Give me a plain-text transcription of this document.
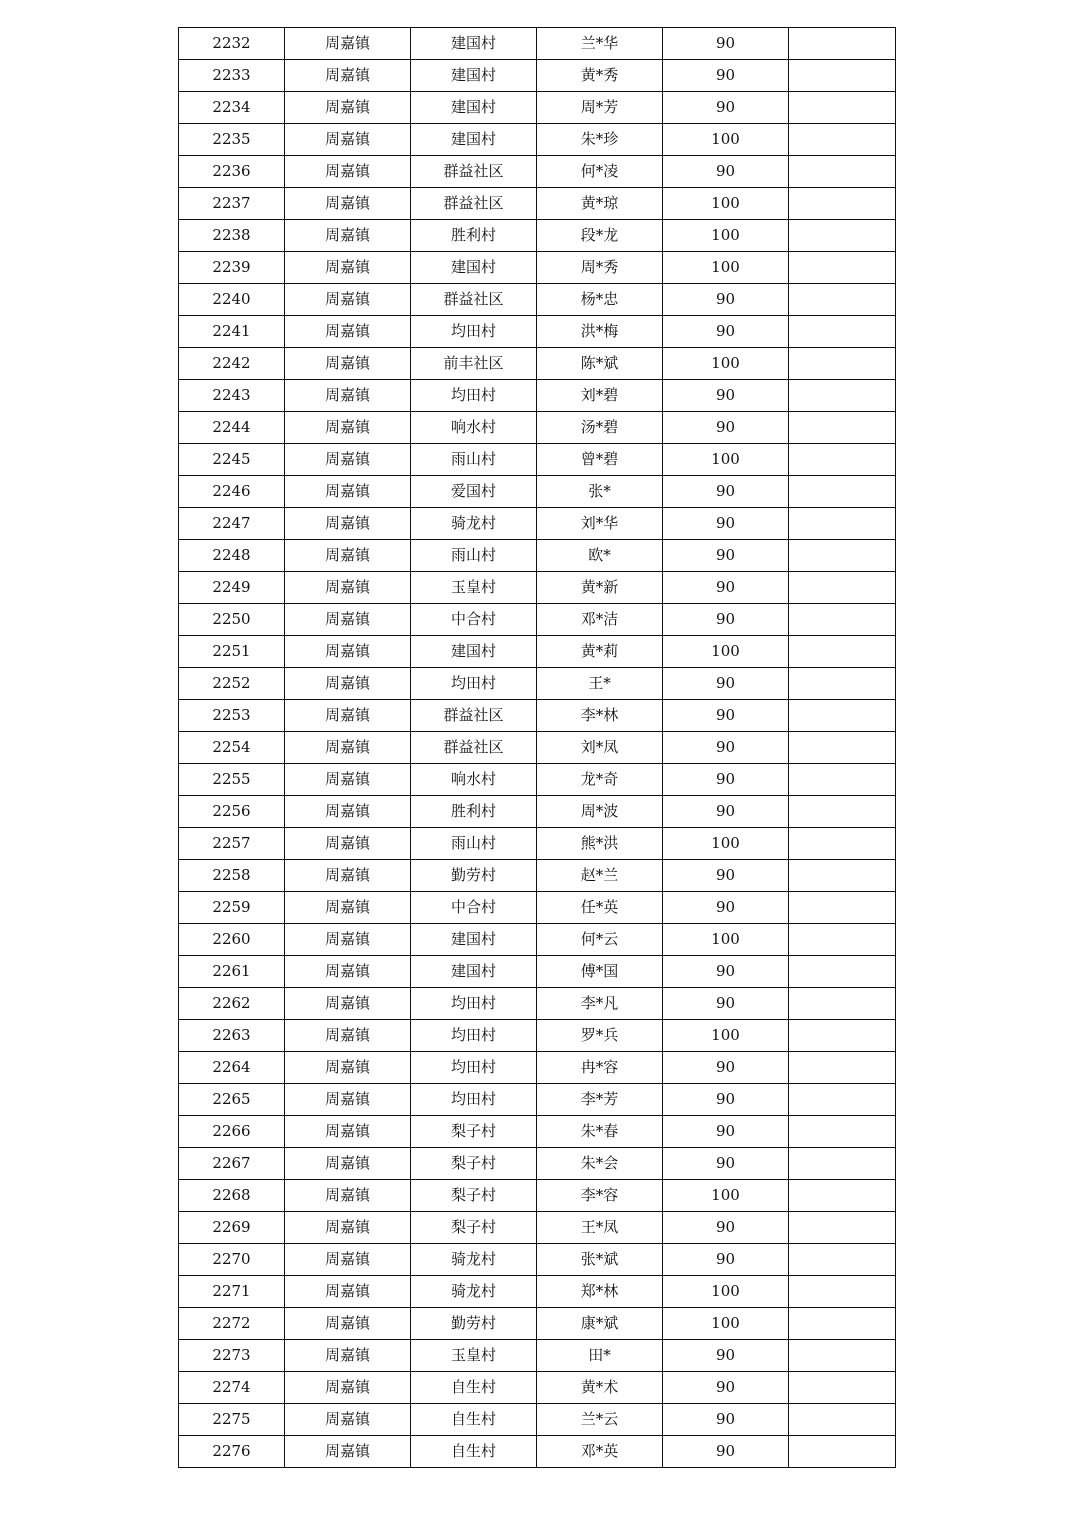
2232	周嘉镇	建国村	兰*华	90	
2233	周嘉镇	建国村	黄*秀	90	
2234	周嘉镇	建国村	周*芳	90	
2235	周嘉镇	建国村	朱*珍	100	
2236	周嘉镇	群益社区	何*凌	90	
2237	周嘉镇	群益社区	黄*琼	100	
2238	周嘉镇	胜利村	段*龙	100	
2239	周嘉镇	建国村	周*秀	100	
2240	周嘉镇	群益社区	杨*忠	90	
2241	周嘉镇	均田村	洪*梅	90	
2242	周嘉镇	前丰社区	陈*斌	100	
2243	周嘉镇	均田村	刘*碧	90	
2244	周嘉镇	响水村	汤*碧	90	
2245	周嘉镇	雨山村	曾*碧	100	
2246	周嘉镇	爱国村	张*	90	
2247	周嘉镇	骑龙村	刘*华	90	
2248	周嘉镇	雨山村	欧*	90	
2249	周嘉镇	玉皇村	黄*新	90	
2250	周嘉镇	中合村	邓*洁	90	
2251	周嘉镇	建国村	黄*莉	100	
2252	周嘉镇	均田村	王*	90	
2253	周嘉镇	群益社区	李*林	90	
2254	周嘉镇	群益社区	刘*凤	90	
2255	周嘉镇	响水村	龙*奇	90	
2256	周嘉镇	胜利村	周*波	90	
2257	周嘉镇	雨山村	熊*洪	100	
2258	周嘉镇	勤劳村	赵*兰	90	
2259	周嘉镇	中合村	任*英	90	
2260	周嘉镇	建国村	何*云	100	
2261	周嘉镇	建国村	傅*国	90	
2262	周嘉镇	均田村	李*凡	90	
2263	周嘉镇	均田村	罗*兵	100	
2264	周嘉镇	均田村	冉*容	90	
2265	周嘉镇	均田村	李*芳	90	
2266	周嘉镇	梨子村	朱*春	90	
2267	周嘉镇	梨子村	朱*会	90	
2268	周嘉镇	梨子村	李*容	100	
2269	周嘉镇	梨子村	王*凤	90	
2270	周嘉镇	骑龙村	张*斌	90	
2271	周嘉镇	骑龙村	郑*林	100	
2272	周嘉镇	勤劳村	康*斌	100	
2273	周嘉镇	玉皇村	田*	90	
2274	周嘉镇	自生村	黄*术	90	
2275	周嘉镇	自生村	兰*云	90	
2276	周嘉镇	自生村	邓*英	90	
